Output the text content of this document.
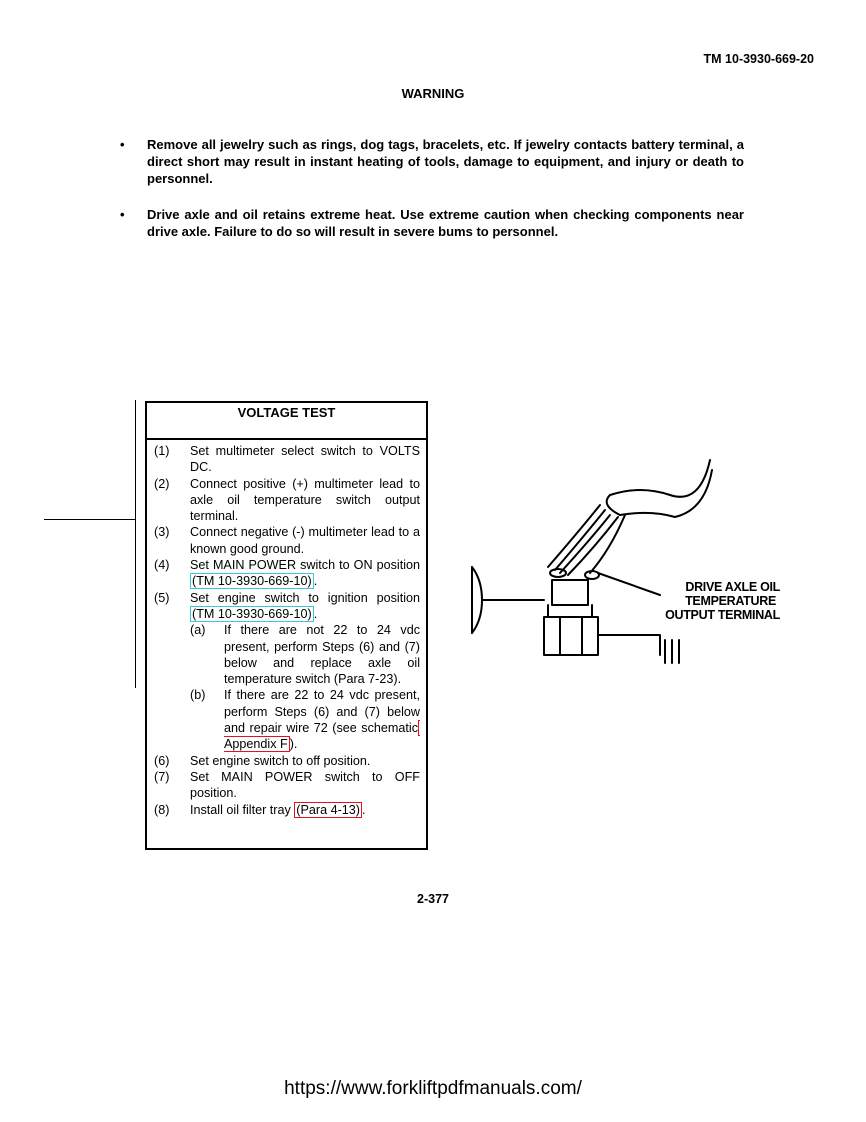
TM 10-3930-669-20
WARNING
• Remove all jewelry such as rings, dog tags, bracelets, etc. If jewelry contacts battery terminal, a direct short may result in instant heating of tools, damage to equipment, and injury or death to personnel.
• Drive axle and oil retains extreme heat. Use extreme caution when checking components near drive axle. Failure to do so will result in severe bums to personnel.
VOLTAGE TEST
(1)	Set multimeter select switch to VOLTS DC.
(2)	Connect positive (+) multimeter lead to axle oil temperature switch output terminal.
(3)	Connect negative (-) multimeter lead to a known good ground.
(4)	Set MAIN POWER switch to ON position (TM 10-3930-669-10) .
(5)	Set engine switch to ignition position (TM 10-3930-669-10) .
(a)	If there are not 22 to 24 vdc present, perform Steps (6) and (7) below and replace axle oil temperature switch (Para 7-23).
(b)	If there are 22 to 24 vdc present, perform Steps (6) and (7) below and repair wire 72 (see schematic Appendix F ).
(6)	Set engine switch to off position.
(7)	Set MAIN POWER switch to OFF position.
(8)	Install oil filter tray (Para 4-13) .
DRIVE AXLE OIL
TEMPERATURE
OUTPUT TERMINAL
2-377
https://www.forkliftpdfmanuals.com/
